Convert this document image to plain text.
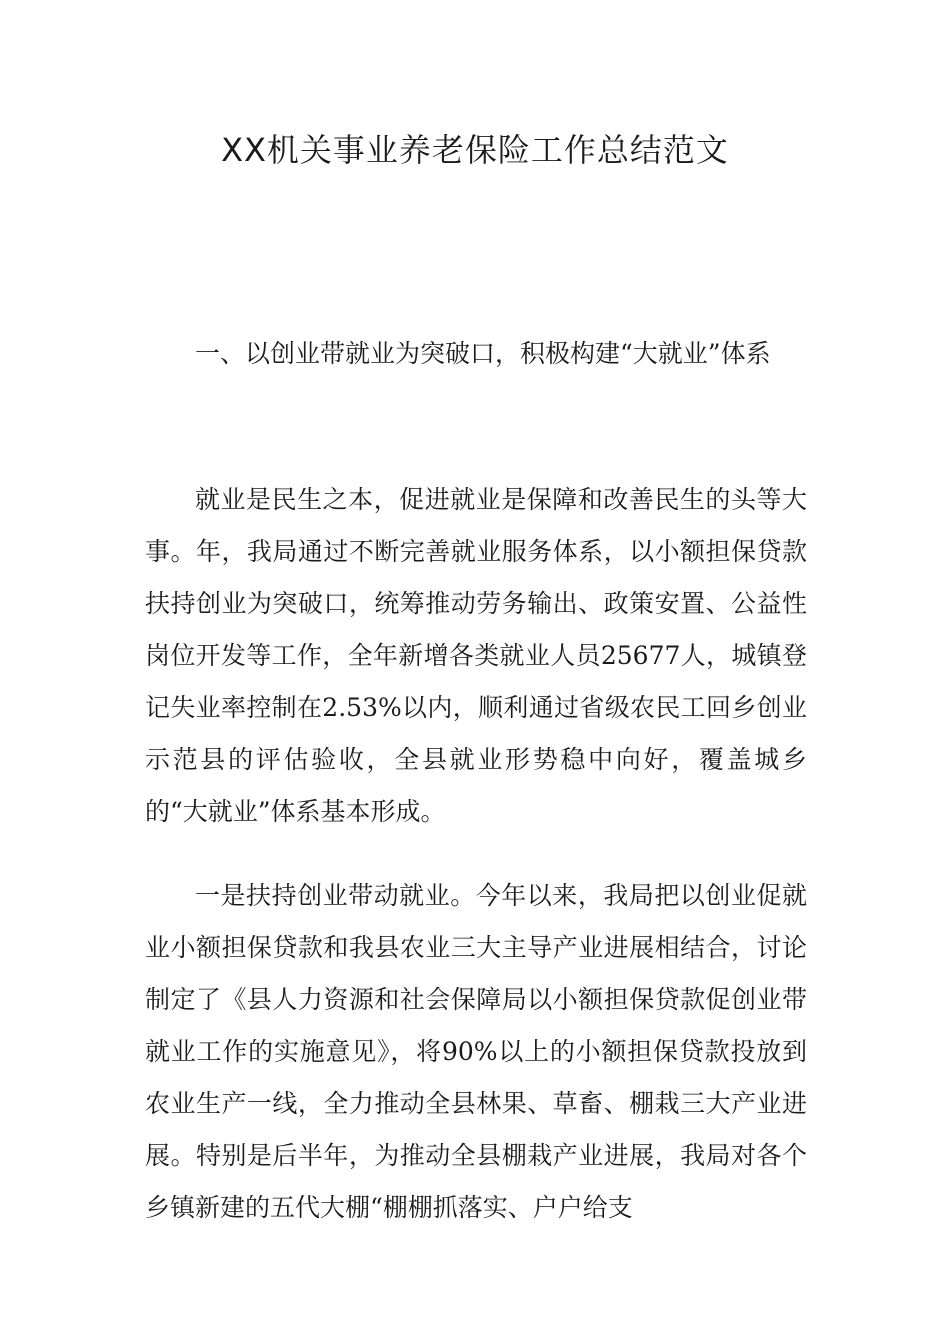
XX机关事业养老保险工作总结范文

一、以创业带就业为突破口，积极构建“大就业”体系

就业是民生之本，促进就业是保障和改善民生的头等大事。年，我局通过不断完善就业服务体系，以小额担保贷款扶持创业为突破口，统筹推动劳务输出、政策安置、公益性岗位开发等工作，全年新增各类就业人员25677人，城镇登记失业率控制在2.53%以内，顺利通过省级农民工回乡创业示范县的评估验收，全县就业形势稳中向好，覆盖城乡的“大就业”体系基本形成。

一是扶持创业带动就业。今年以来，我局把以创业促就业小额担保贷款和我县农业三大主导产业进展相结合，讨论制定了《县人力资源和社会保障局以小额担保贷款促创业带就业工作的实施意见》，将90%以上的小额担保贷款投放到农业生产一线，全力推动全县林果、草畜、棚栽三大产业进展。特别是后半年，为推动全县棚栽产业进展，我局对各个乡镇新建的五代大棚“棚棚抓落实、户户给支
